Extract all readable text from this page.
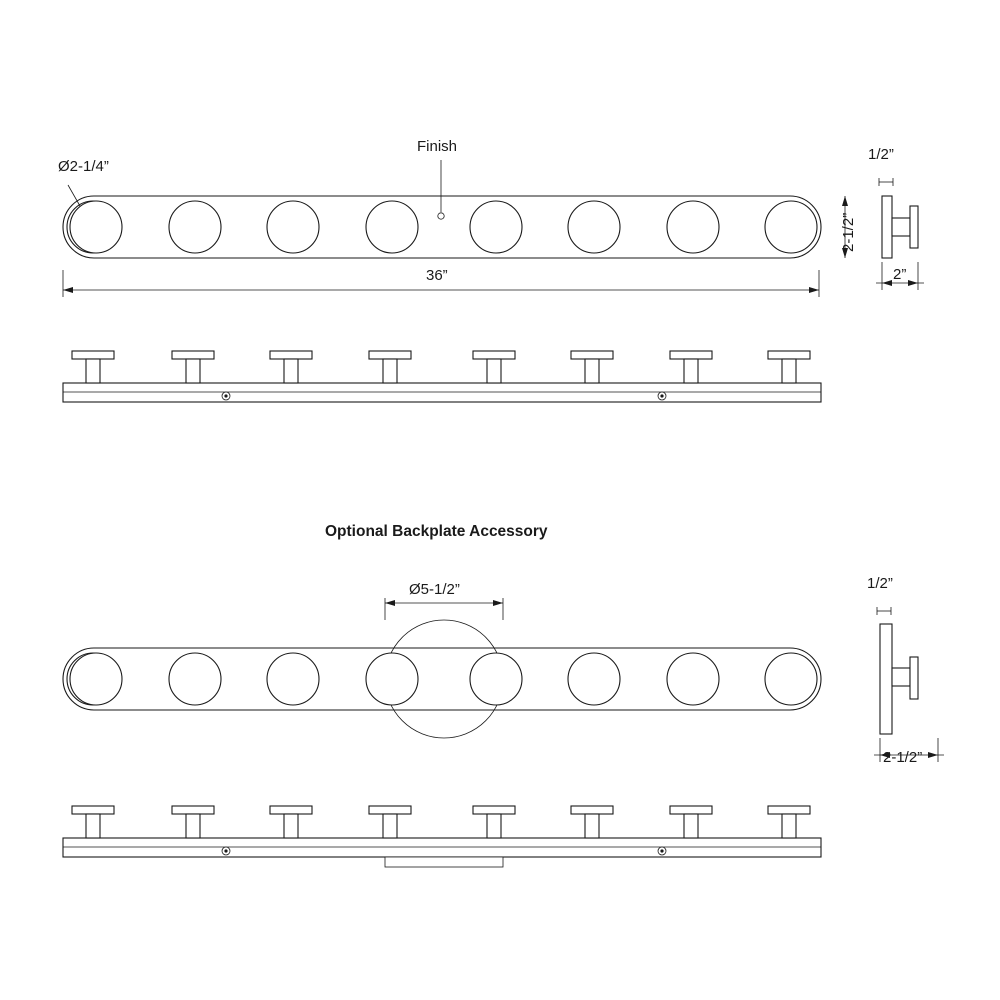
Finish
Ø2-1/4”
36”
2-1/2”
1/2”
2”
Optional Backplate Accessory
Ø5-1/2”	1/2”
2-1/2”
